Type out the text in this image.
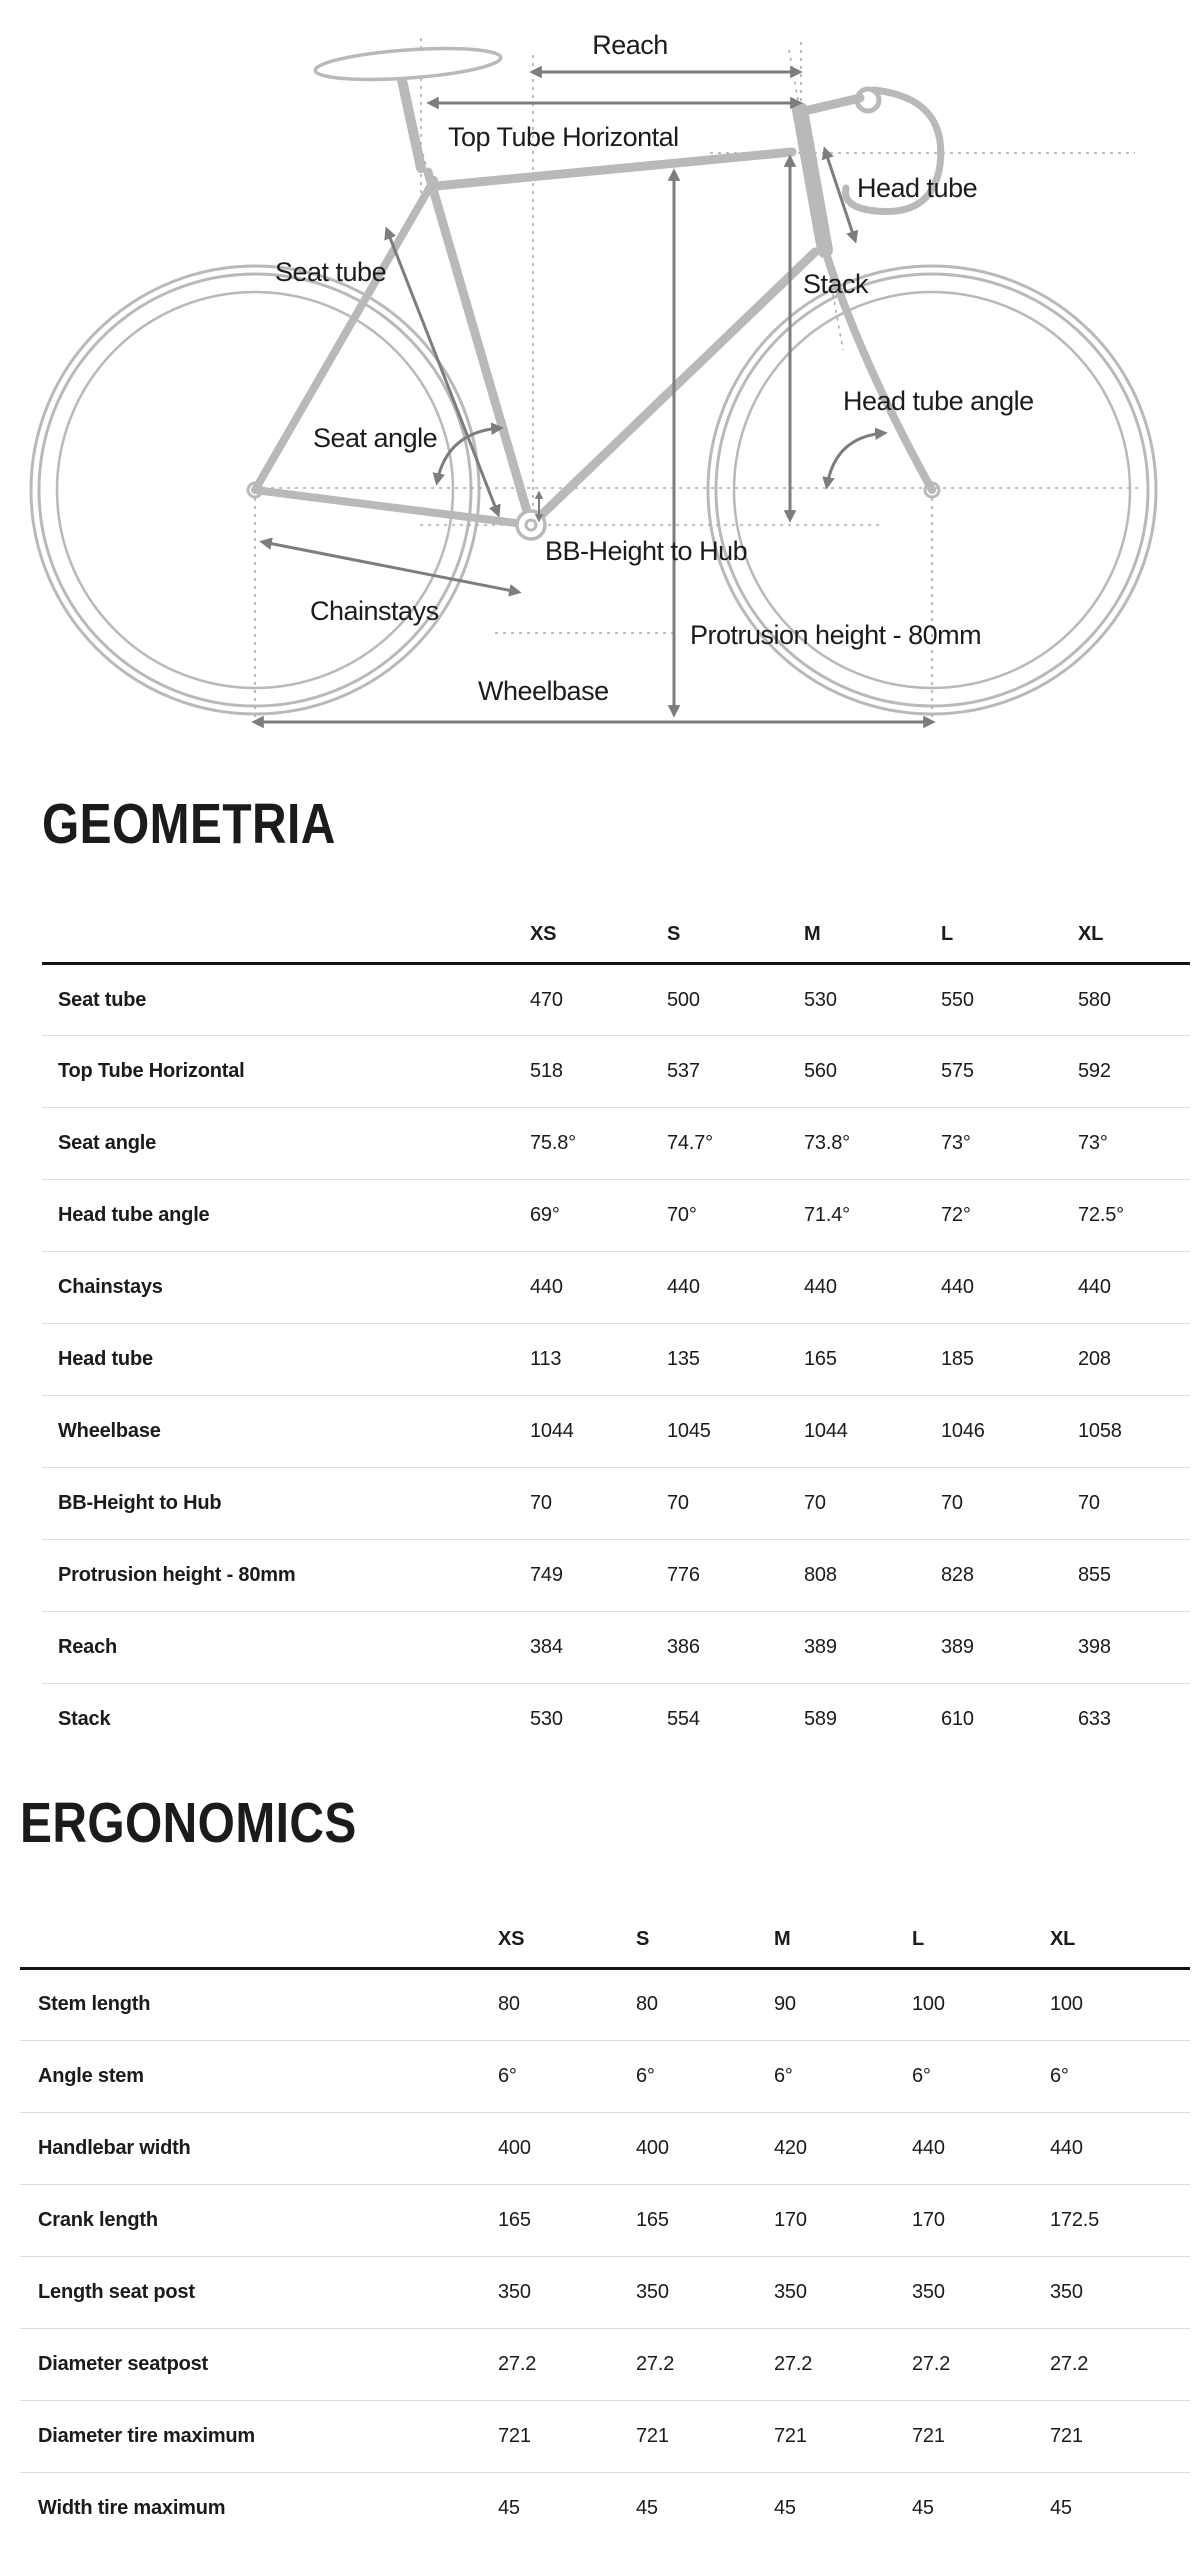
Reach
Top Tube Horizontal
Head tube
Seat tube	Stack
Head tube angle
Seat angle
BB-Height to Hub
Chainstays
Protrusion height - 80mm
Wheelbase
GEOMETRIA
	XS	S	M	L	XL
Seat tube	470	500	530	550	580
Top Tube Horizontal	518	537	560	575	592
Seat angle	75.8°	74.7°	73.8°	73°	73°
Head tube angle	69°	70°	71.4°	72°	72.5°
Chainstays	440	440	440	440	440
Head tube	113	135	165	185	208
Wheelbase	1044	1045	1044	1046	1058
BB-Height to Hub	70	70	70	70	70
Protrusion height - 80mm	749	776	808	828	855
Reach	384	386	389	389	398
Stack	530	554	589	610	633
ERGONOMICS
	XS	S	M	L	XL
Stem length	80	80	90	100	100
Angle stem	6°	6°	6°	6°	6°
Handlebar width	400	400	420	440	440
Crank length	165	165	170	170	172.5
Length seat post	350	350	350	350	350
Diameter seatpost	27.2	27.2	27.2	27.2	27.2
Diameter tire maximum	721	721	721	721	721
Width tire maximum	45	45	45	45	45
